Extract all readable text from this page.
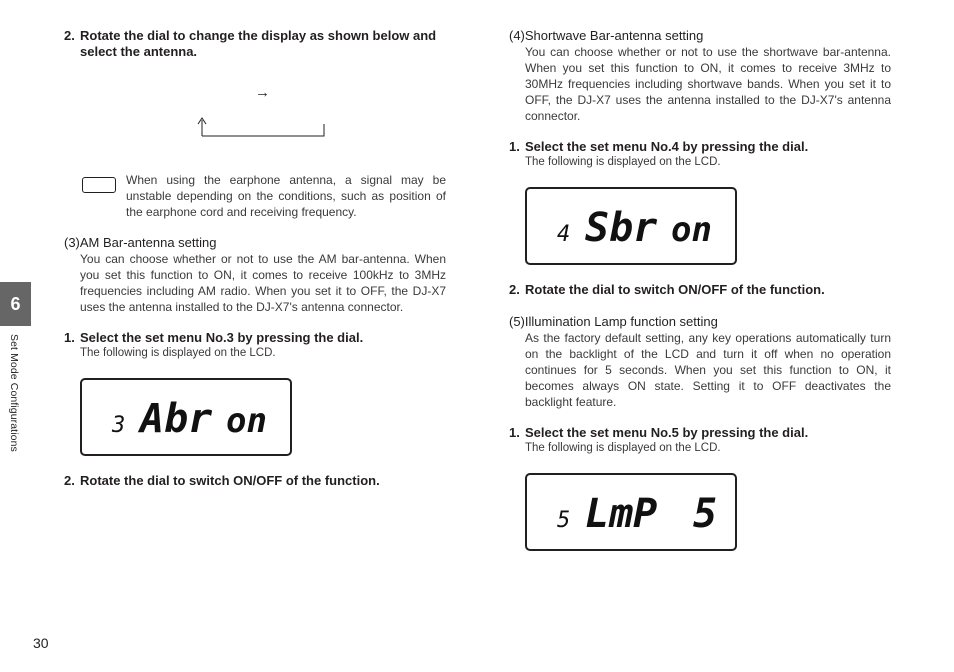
6
Set Mode Configurations
30
2. Rotate the dial to change the display as shown below and select the antenna.
→
When using the earphone antenna, a signal may be unstable depending on the conditions, such as position of the earphone cord and receiving frequency.
(3)AM Bar-antenna setting
You can choose whether or not to use the AM bar-antenna. When you set this function to ON, it comes to receive 100kHz to 3MHz frequencies including AM radio. When you set it to OFF, the DJ-X7 uses the antenna installed to the DJ-X7's antenna connector.
1. Select the set menu No.3 by pressing the dial.
The following is displayed on the LCD.
3 Abr on
2. Rotate the dial to switch ON/OFF of the function.
(4)Shortwave Bar-antenna setting
You can choose whether or not to use the shortwave bar-antenna. When you set this function to ON, it comes to receive 3MHz to 30MHz frequencies including shortwave bands. When you set it to OFF, the DJ-X7 uses the antenna installed to the DJ-X7's antenna connector.
1. Select the set menu No.4 by pressing the dial.
The following is displayed on the LCD.
4 Sbr on
2. Rotate the dial to switch ON/OFF of the function.
(5)Illumination Lamp function setting
As the factory default setting, any key operations automatically turn on the backlight of the LCD and turn it off when no operation continues for 5 seconds. When you set this function to ON, it becomes always ON state. Setting it to OFF deactivates the backlight feature.
1. Select the set menu No.5 by pressing the dial.
The following is displayed on the LCD.
5 LmP 5
